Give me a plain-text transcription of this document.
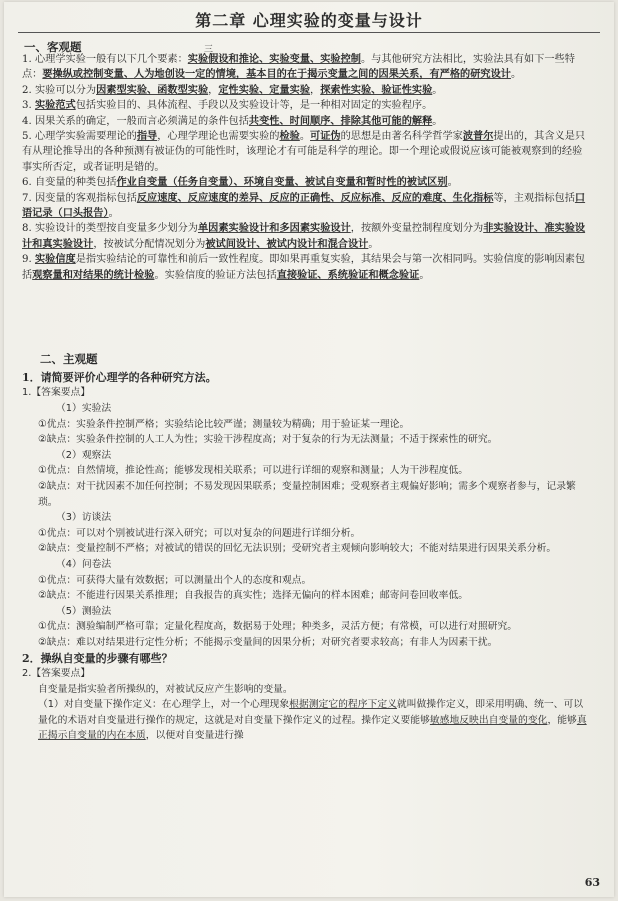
第二章 心理实验的变量与设计
一、客观题	三

1. 心理学实验一般有以下几个要素：实验假设和推论、实验变量、实验控制。与其他研究方法相比，实验法具有如下一些特点：要操纵或控制变量、人为地创设一定的情境，基本目的在于揭示变量之间的因果关系，有严格的研究设计。

2. 实验可以分为因素型实验、函数型实验，定性实验、定量实验，探索性实验、验证性实验。

3. 实验范式包括实验目的、具体流程、手段以及实验设计等，是一种相对固定的实验程序。

4. 因果关系的确定，一般而言必须满足的条件包括共变性、时间顺序、排除其他可能的解释。

5. 心理学实验需要理论的指导，心理学理论也需要实验的检验。可证伪的思想是由著名科学哲学家波普尔提出的，其含义是只有从理论推导出的各种预测有被证伪的可能性时，该理论才有可能是科学的理论。即一个理论或假说应该可能被观察到的经验事实所否定，或者证明是错的。

6. 自变量的种类包括作业自变量（任务自变量）、环境自变量、被试自变量和暂时性的被试区别。

7. 因变量的客观指标包括反应速度、反应速度的差异、反应的正确性、反应标准、反应的难度、生化指标等，主观指标包括口语记录（口头报告）。

8. 实验设计的类型按自变量多少划分为单因素实验设计和多因素实验设计，按额外变量控制程度划分为非实验设计、准实验设计和真实验设计，按被试分配情况划分为被试间设计、被试内设计和混合设计。

9. 实验信度是指实验结论的可靠性和前后一致性程度。即如果再重复实验，其结果会与第一次相同吗。实验信度的影响因素包括观察量和对结果的统计检验。实验信度的验证方法包括直接验证、系统验证和概念验证。

二、主观题

1．请简要评价心理学的各种研究方法。

1.【答案要点】

（1）实验法

①优点：实验条件控制严格；实验结论比较严谨；测量较为精确；用于验证某一理论。

②缺点：实验条件控制的人工人为性；实验干涉程度高；对于复杂的行为无法测量；不适于探索性的研究。

（2）观察法

①优点：自然情境，推论性高；能够发现相关联系；可以进行详细的观察和测量；人为干涉程度低。

②缺点：对干扰因素不加任何控制；不易发现因果联系；变量控制困难；受观察者主观偏好影响；需多个观察者参与，记录繁琐。

（3）访谈法

①优点：可以对个别被试进行深入研究；可以对复杂的问题进行详细分析。

②缺点：变量控制不严格；对被试的错误的回忆无法识别；受研究者主观倾向影响较大；不能对结果进行因果关系分析。

（4）问卷法

①优点：可获得大量有效数据；可以测量出个人的态度和观点。

②缺点：不能进行因果关系推理；自我报告的真实性；选择无偏向的样本困难；邮寄问卷回收率低。

（5）测验法

①优点：测验编制严格可靠；定量化程度高，数据易于处理；种类多，灵活方便；有常模，可以进行对照研究。

②缺点：难以对结果进行定性分析；不能揭示变量间的因果分析；对研究者要求较高；有非人为因素干扰。

2．操纵自变量的步骤有哪些？

2.【答案要点】

自变量是指实验者所操纵的，对被试反应产生影响的变量。

（1）对自变量下操作定义：在心理学上，对一个心理现象根据测定它的程序下定义就叫做操作定义，即采用明确、统一、可以量化的术语对自变量进行操作的规定，这就是对自变量下操作定义的过程。操作定义要能够敏感地反映出自变量的变化，能够真正揭示自变量的内在本质，以便对自变量进行操

63
